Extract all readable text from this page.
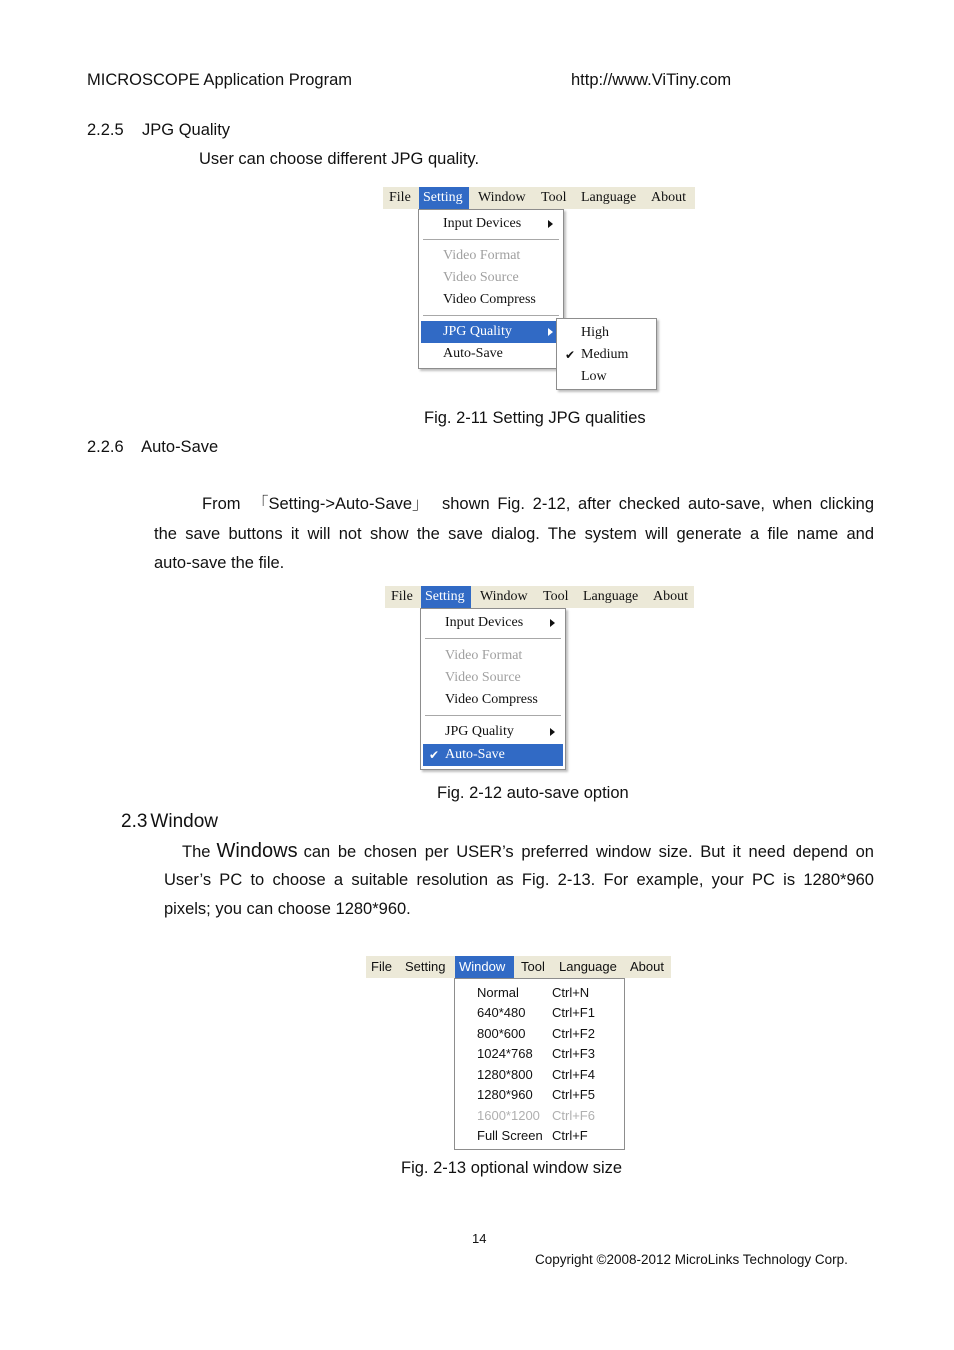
MICROSCOPE Application Program	http://www.ViTiny.com
2.2.5    JPG Quality
User can choose different JPG quality.
File Setting	Window Tool Language About
Input Devices
Video Format
Video Source
Video Compress
JPG Quality
Auto-Save
High
✔ Medium
Low
Fig. 2-11 Setting JPG qualities
2.2.6    Auto-Save
From 「Setting->Auto-Save」 shown Fig. 2-12, after checked auto-save, when clicking
the save buttons it will not show the save dialog. The system will generate a file name and
auto-save the file.
File Setting	Window Tool Language About
Input Devices
Video Format
Video Source
Video Compress
JPG Quality
✔ Auto-Save
Fig. 2-12 auto-save option
2.3 Window
The Windows can be chosen per USER’s preferred window size. But it need depend on
User’s PC to choose a suitable resolution as Fig. 2-13. For example, your PC is 1280*960
pixels; you can choose 1280*960.
File	Setting	Window	Tool	Language	About
Normal	Ctrl+N
640*480 Ctrl+F1
800*600 Ctrl+F2
1024*768 Ctrl+F3
1280*800 Ctrl+F4
1280*960 Ctrl+F5
1600*1200 Ctrl+F6
Full Screen Ctrl+F
Fig. 2-13 optional window size
14
Copyright ©2008-2012 MicroLinks Technology Corp.
